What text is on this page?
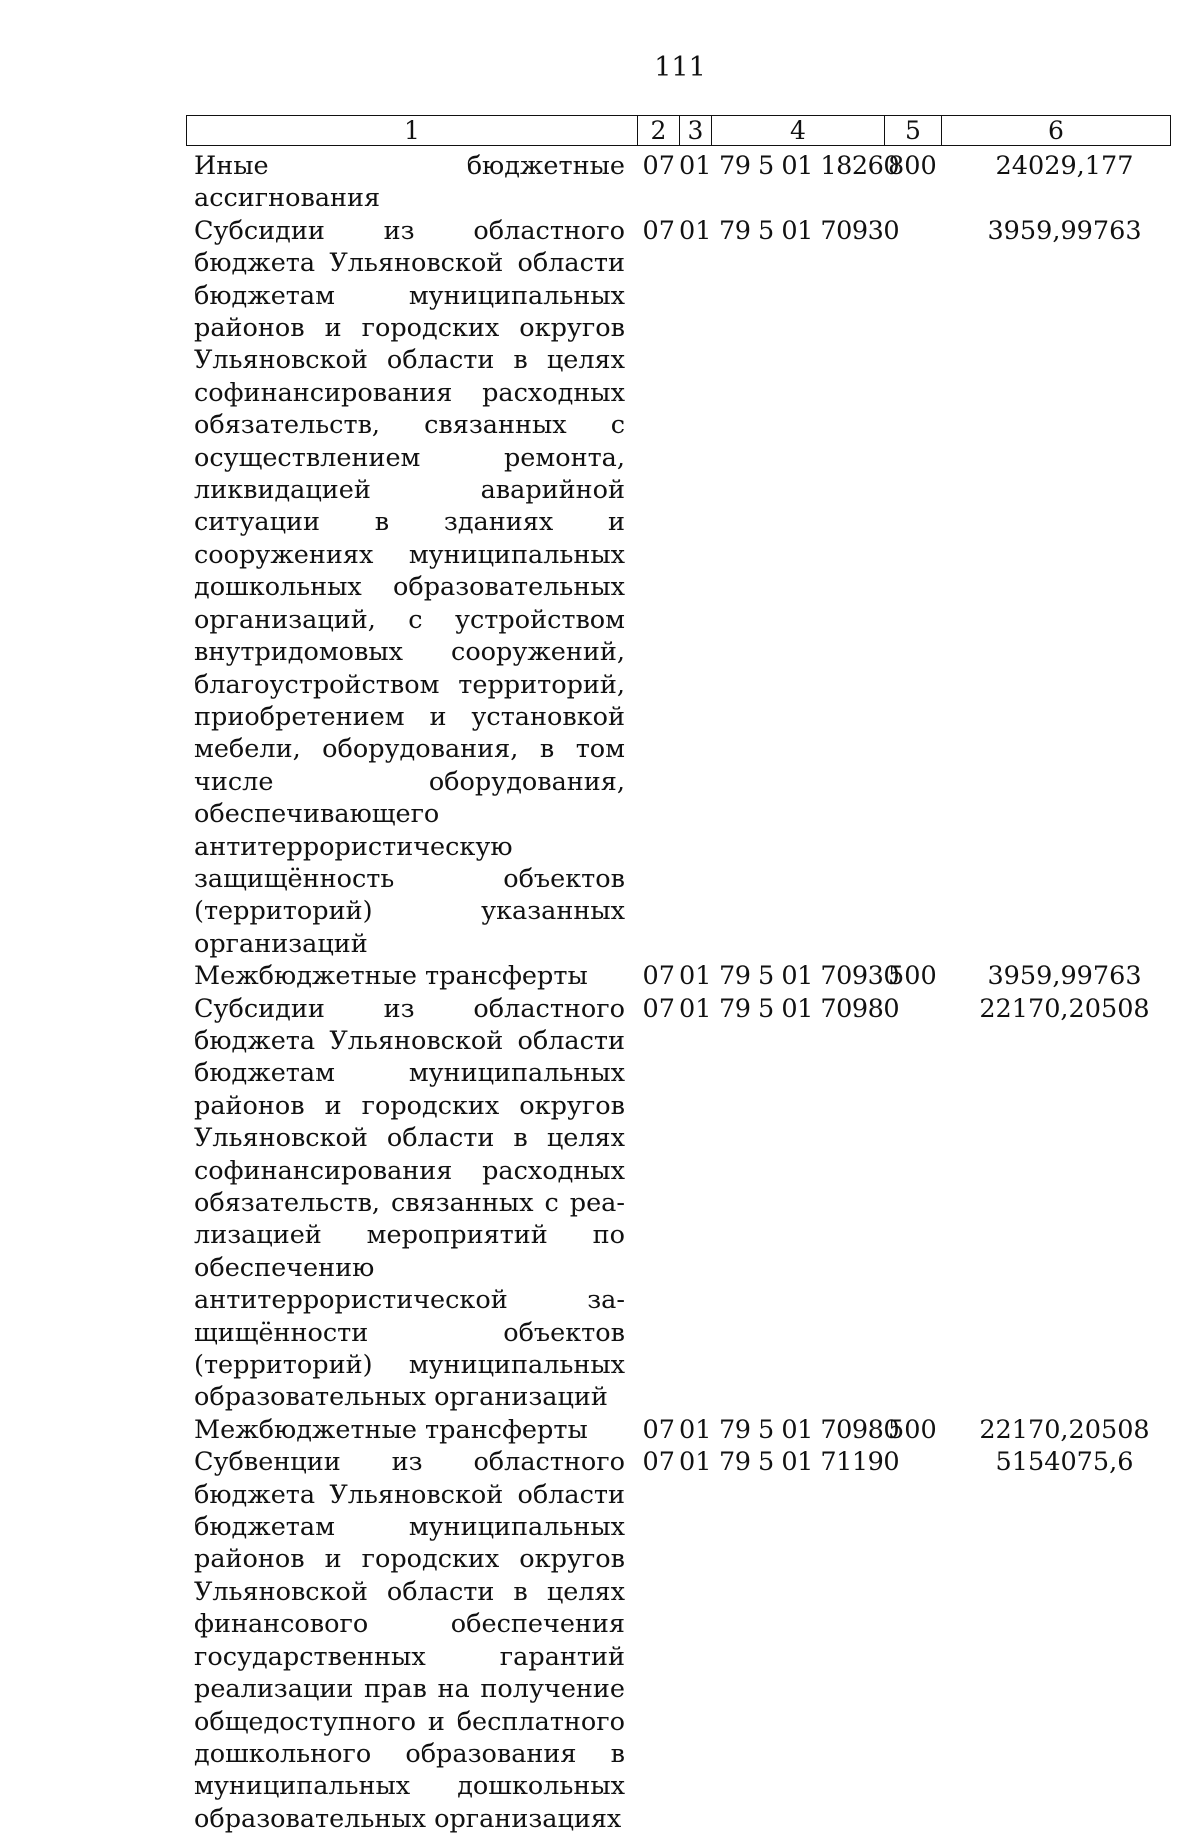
111
1	2	3	4	5	6
Иные бюджетные ассигнования	07	01	79 5 01 18260	800	24029,177
Субсидии из областного бюджета Ульяновской области бюджетам муниципальных районов и городских округов Ульяновской области в целях софинансирования расходных обязательств, связанных с осуществлением ремонта, ликвидацией аварийной ситуации в зданиях и сооружениях муниципальных дошкольных образовательных организаций, с устройством внутридомовых сооружений, благоустройством территорий, приобретением и установкой мебели, оборудования, в том числе оборудования, обеспечивающего антитеррористическую защищённость объектов (территорий) указанных организаций	07	01	79 5 01 70930		3959,99763
Межбюджетные трансферты	07	01	79 5 01 70930	500	3959,99763
Субсидии из областного бюджета Ульяновской области бюджетам муниципальных районов и городских округов Ульяновской области в целях софинансирования расходных обязательств, связанных с реализацией мероприятий по обеспечению антитеррористической защищённости объектов (территорий) муниципальных образовательных организаций	07	01	79 5 01 70980		22170,20508
Межбюджетные трансферты	07	01	79 5 01 70980	500	22170,20508
Субвенции из областного бюджета Ульяновской области бюджетам муниципальных районов и городских округов Ульяновской области в целях финансового обеспечения государственных гарантий реализации прав на получение общедоступного и бесплатного дошкольного образования в муниципальных дошкольных образовательных организациях	07	01	79 5 01 71190		5154075,6
